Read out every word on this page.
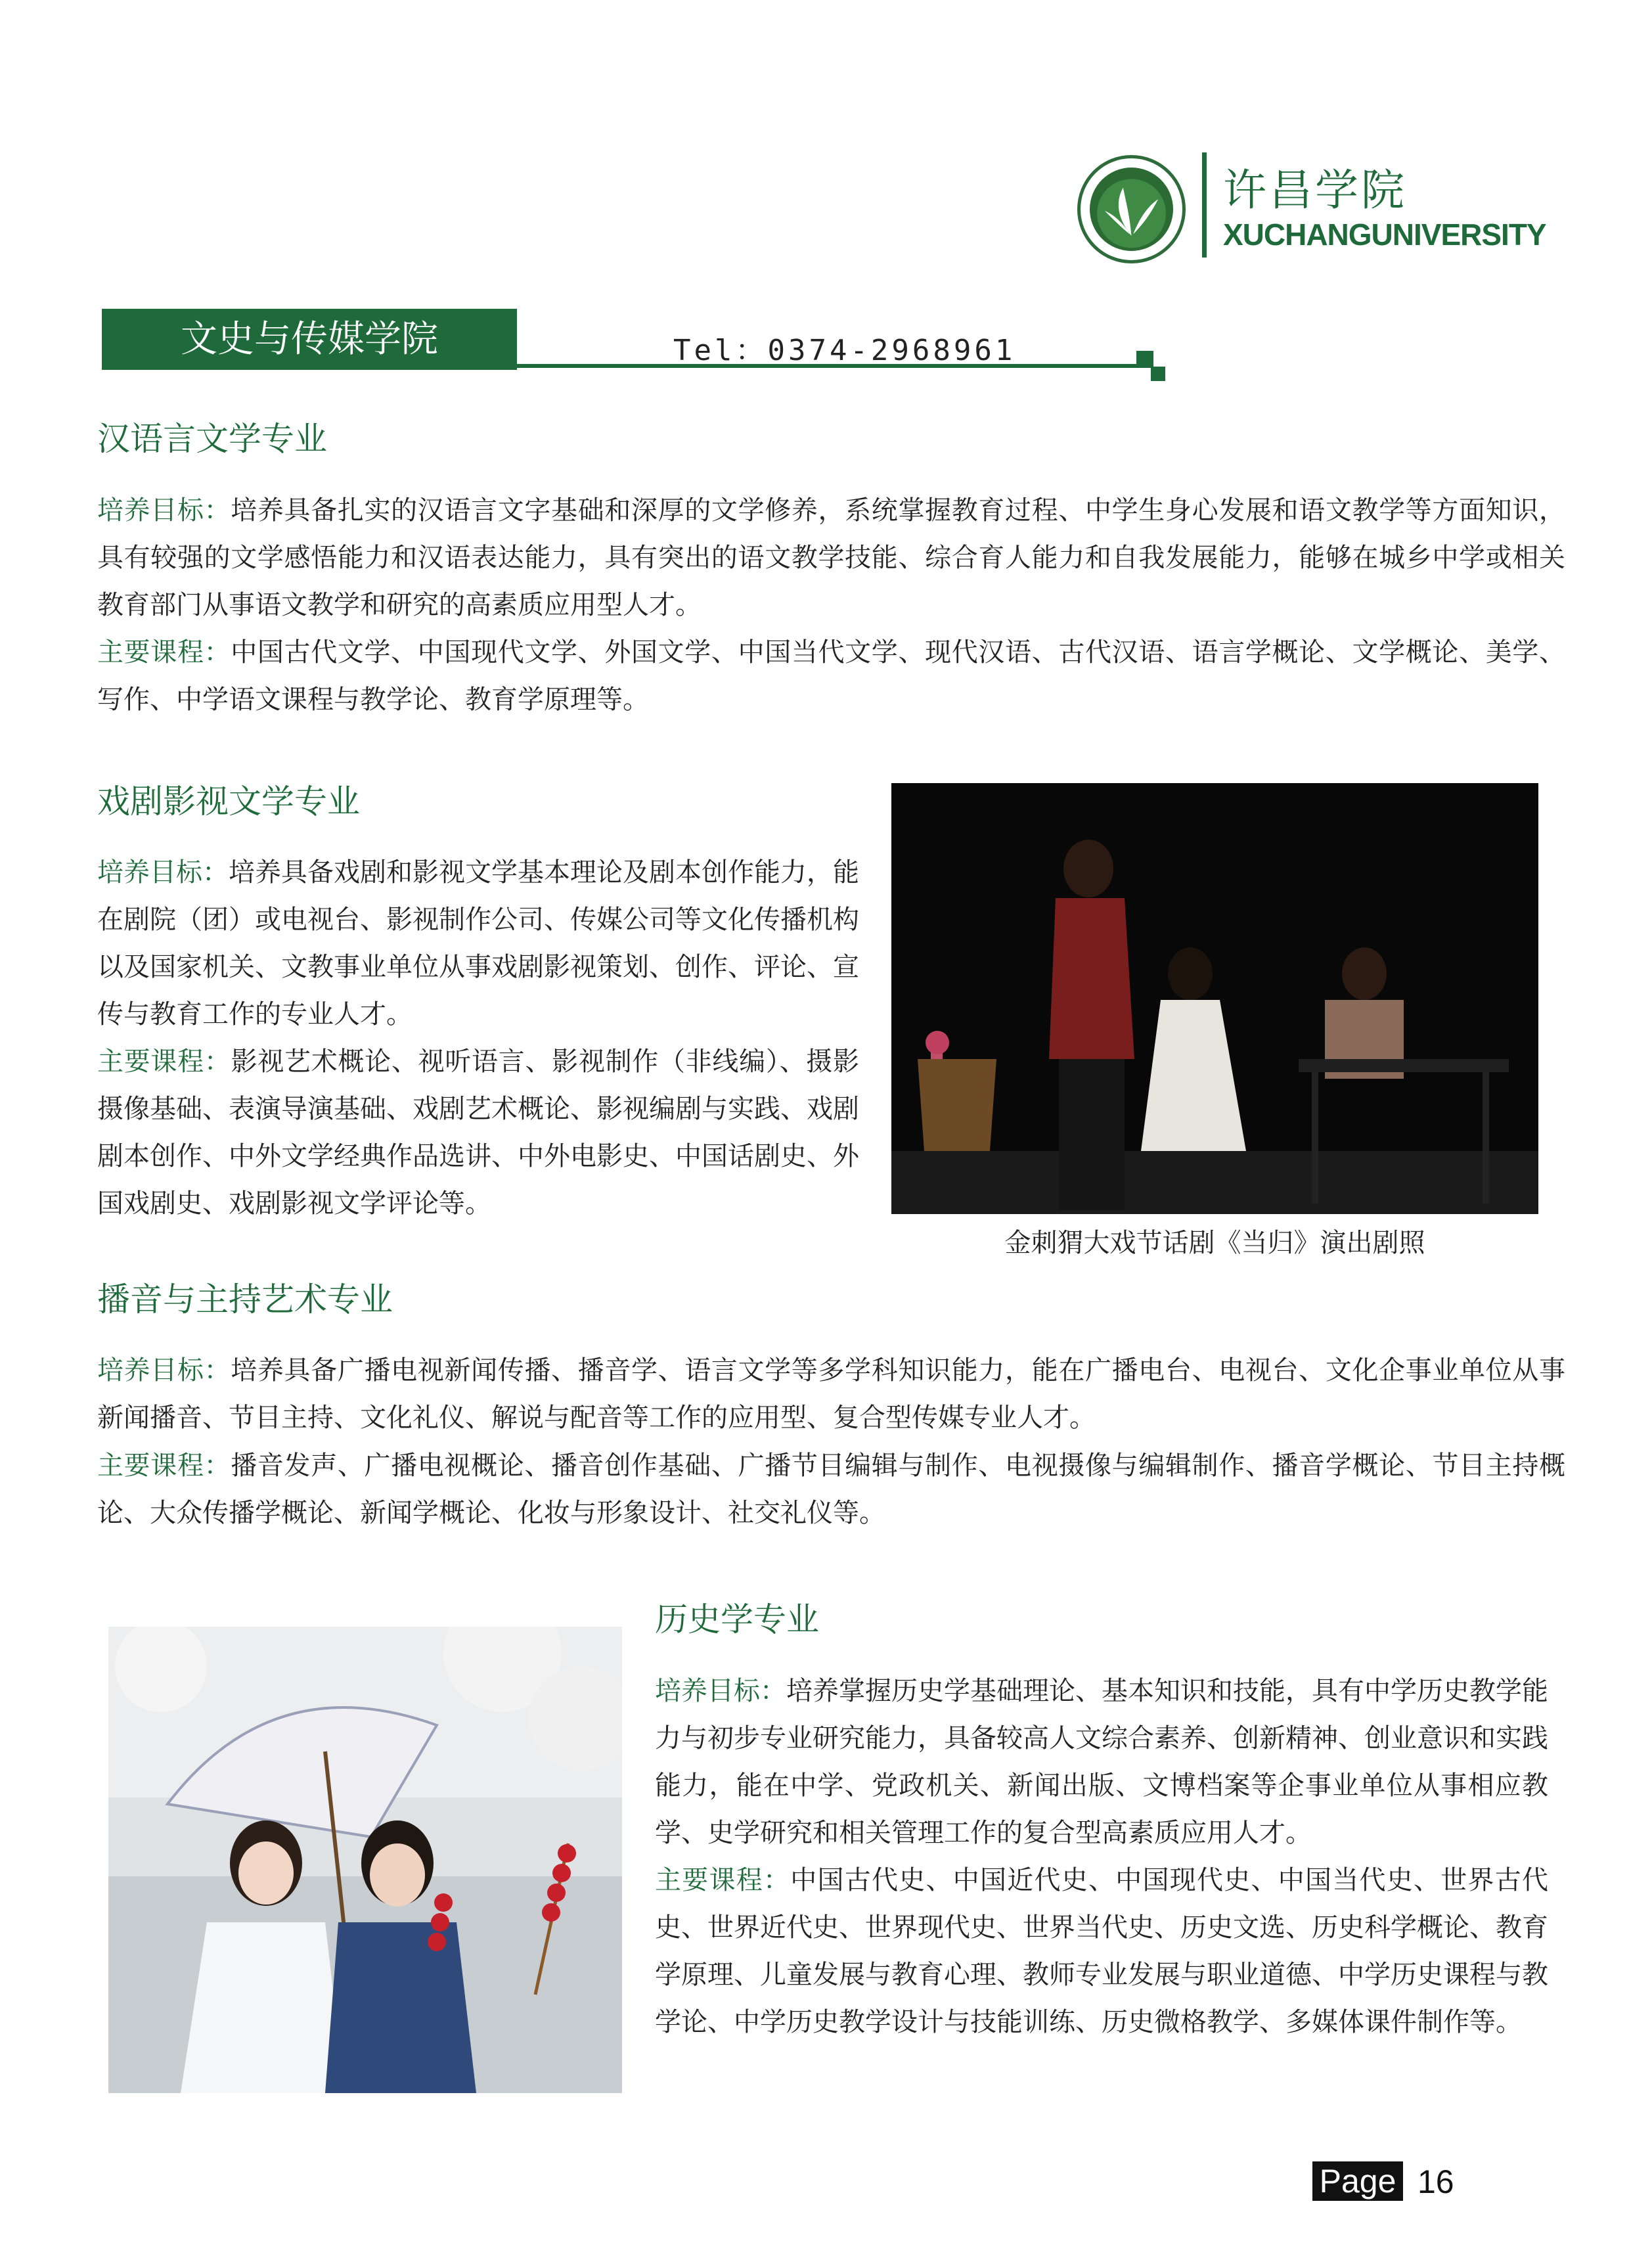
许昌学院
XUCHANGUNIVERSITY
文史与传媒学院	Tel：0374-2968961
汉语言文学专业
培养目标：培养具备扎实的汉语言文字基础和深厚的文学修养，系统掌握教育过程、中学生身心发展和语文教学等方面知识，具有较强的文学感悟能力和汉语表达能力，具有突出的语文教学技能、综合育人能力和自我发展能力，能够在城乡中学或相关教育部门从事语文教学和研究的高素质应用型人才。
主要课程：中国古代文学、中国现代文学、外国文学、中国当代文学、现代汉语、古代汉语、语言学概论、文学概论、美学、写作、中学语文课程与教学论、教育学原理等。
戏剧影视文学专业
培养目标：培养具备戏剧和影视文学基本理论及剧本创作能力，能在剧院（团）或电视台、影视制作公司、传媒公司等文化传播机构以及国家机关、文教事业单位从事戏剧影视策划、创作、评论、宣传与教育工作的专业人才。
主要课程：影视艺术概论、视听语言、影视制作（非线编）、摄影摄像基础、表演导演基础、戏剧艺术概论、影视编剧与实践、戏剧剧本创作、中外文学经典作品选讲、中外电影史、中国话剧史、外国戏剧史、戏剧影视文学评论等。
金刺猬大戏节话剧《当归》演出剧照
播音与主持艺术专业
培养目标：培养具备广播电视新闻传播、播音学、语言文学等多学科知识能力，能在广播电台、电视台、文化企事业单位从事新闻播音、节目主持、文化礼仪、解说与配音等工作的应用型、复合型传媒专业人才。
主要课程：播音发声、广播电视概论、播音创作基础、广播节目编辑与制作、电视摄像与编辑制作、播音学概论、节目主持概论、大众传播学概论、新闻学概论、化妆与形象设计、社交礼仪等。
历史学专业
培养目标：培养掌握历史学基础理论、基本知识和技能，具有中学历史教学能力与初步专业研究能力，具备较高人文综合素养、创新精神、创业意识和实践能力，能在中学、党政机关、新闻出版、文博档案等企事业单位从事相应教学、史学研究和相关管理工作的复合型高素质应用人才。
主要课程：中国古代史、中国近代史、中国现代史、中国当代史、世界古代史、世界近代史、世界现代史、世界当代史、历史文选、历史科学概论、教育学原理、儿童发展与教育心理、教师专业发展与职业道德、中学历史课程与教学论、中学历史教学设计与技能训练、历史微格教学、多媒体课件制作等。
Page 16
